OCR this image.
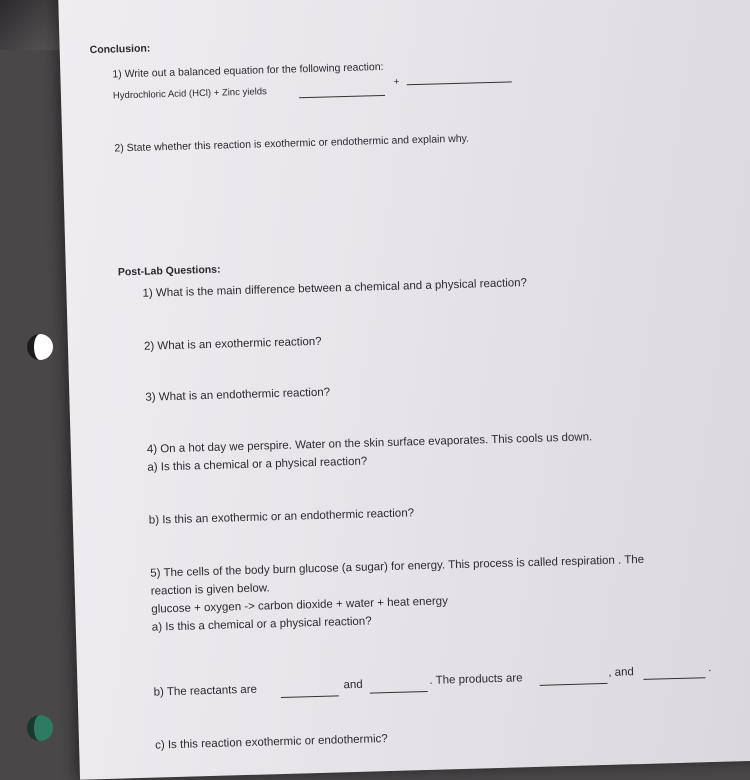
Conclusion:
1) Write out a balanced equation for the following reaction:
Hydrochloric Acid (HCl) + Zinc yields
+
2) State whether this reaction is exothermic or endothermic and explain why.
Post-Lab Questions:
1) What is the main difference between a chemical and a physical reaction?
2) What is an exothermic reaction?
3) What is an endothermic reaction?
4) On a hot day we perspire. Water on the skin surface evaporates. This cools us down.
a) Is this a chemical or a physical reaction?
b) Is this an exothermic or an endothermic reaction?
5) The cells of the body burn glucose (a sugar) for energy. This process is called respiration . The
reaction is given below.
glucose + oxygen -> carbon dioxide + water + heat energy
a) Is this a chemical or a physical reaction?
b) The reactants are	and	. The products are	, and	.
c) Is this reaction exothermic or endothermic?
